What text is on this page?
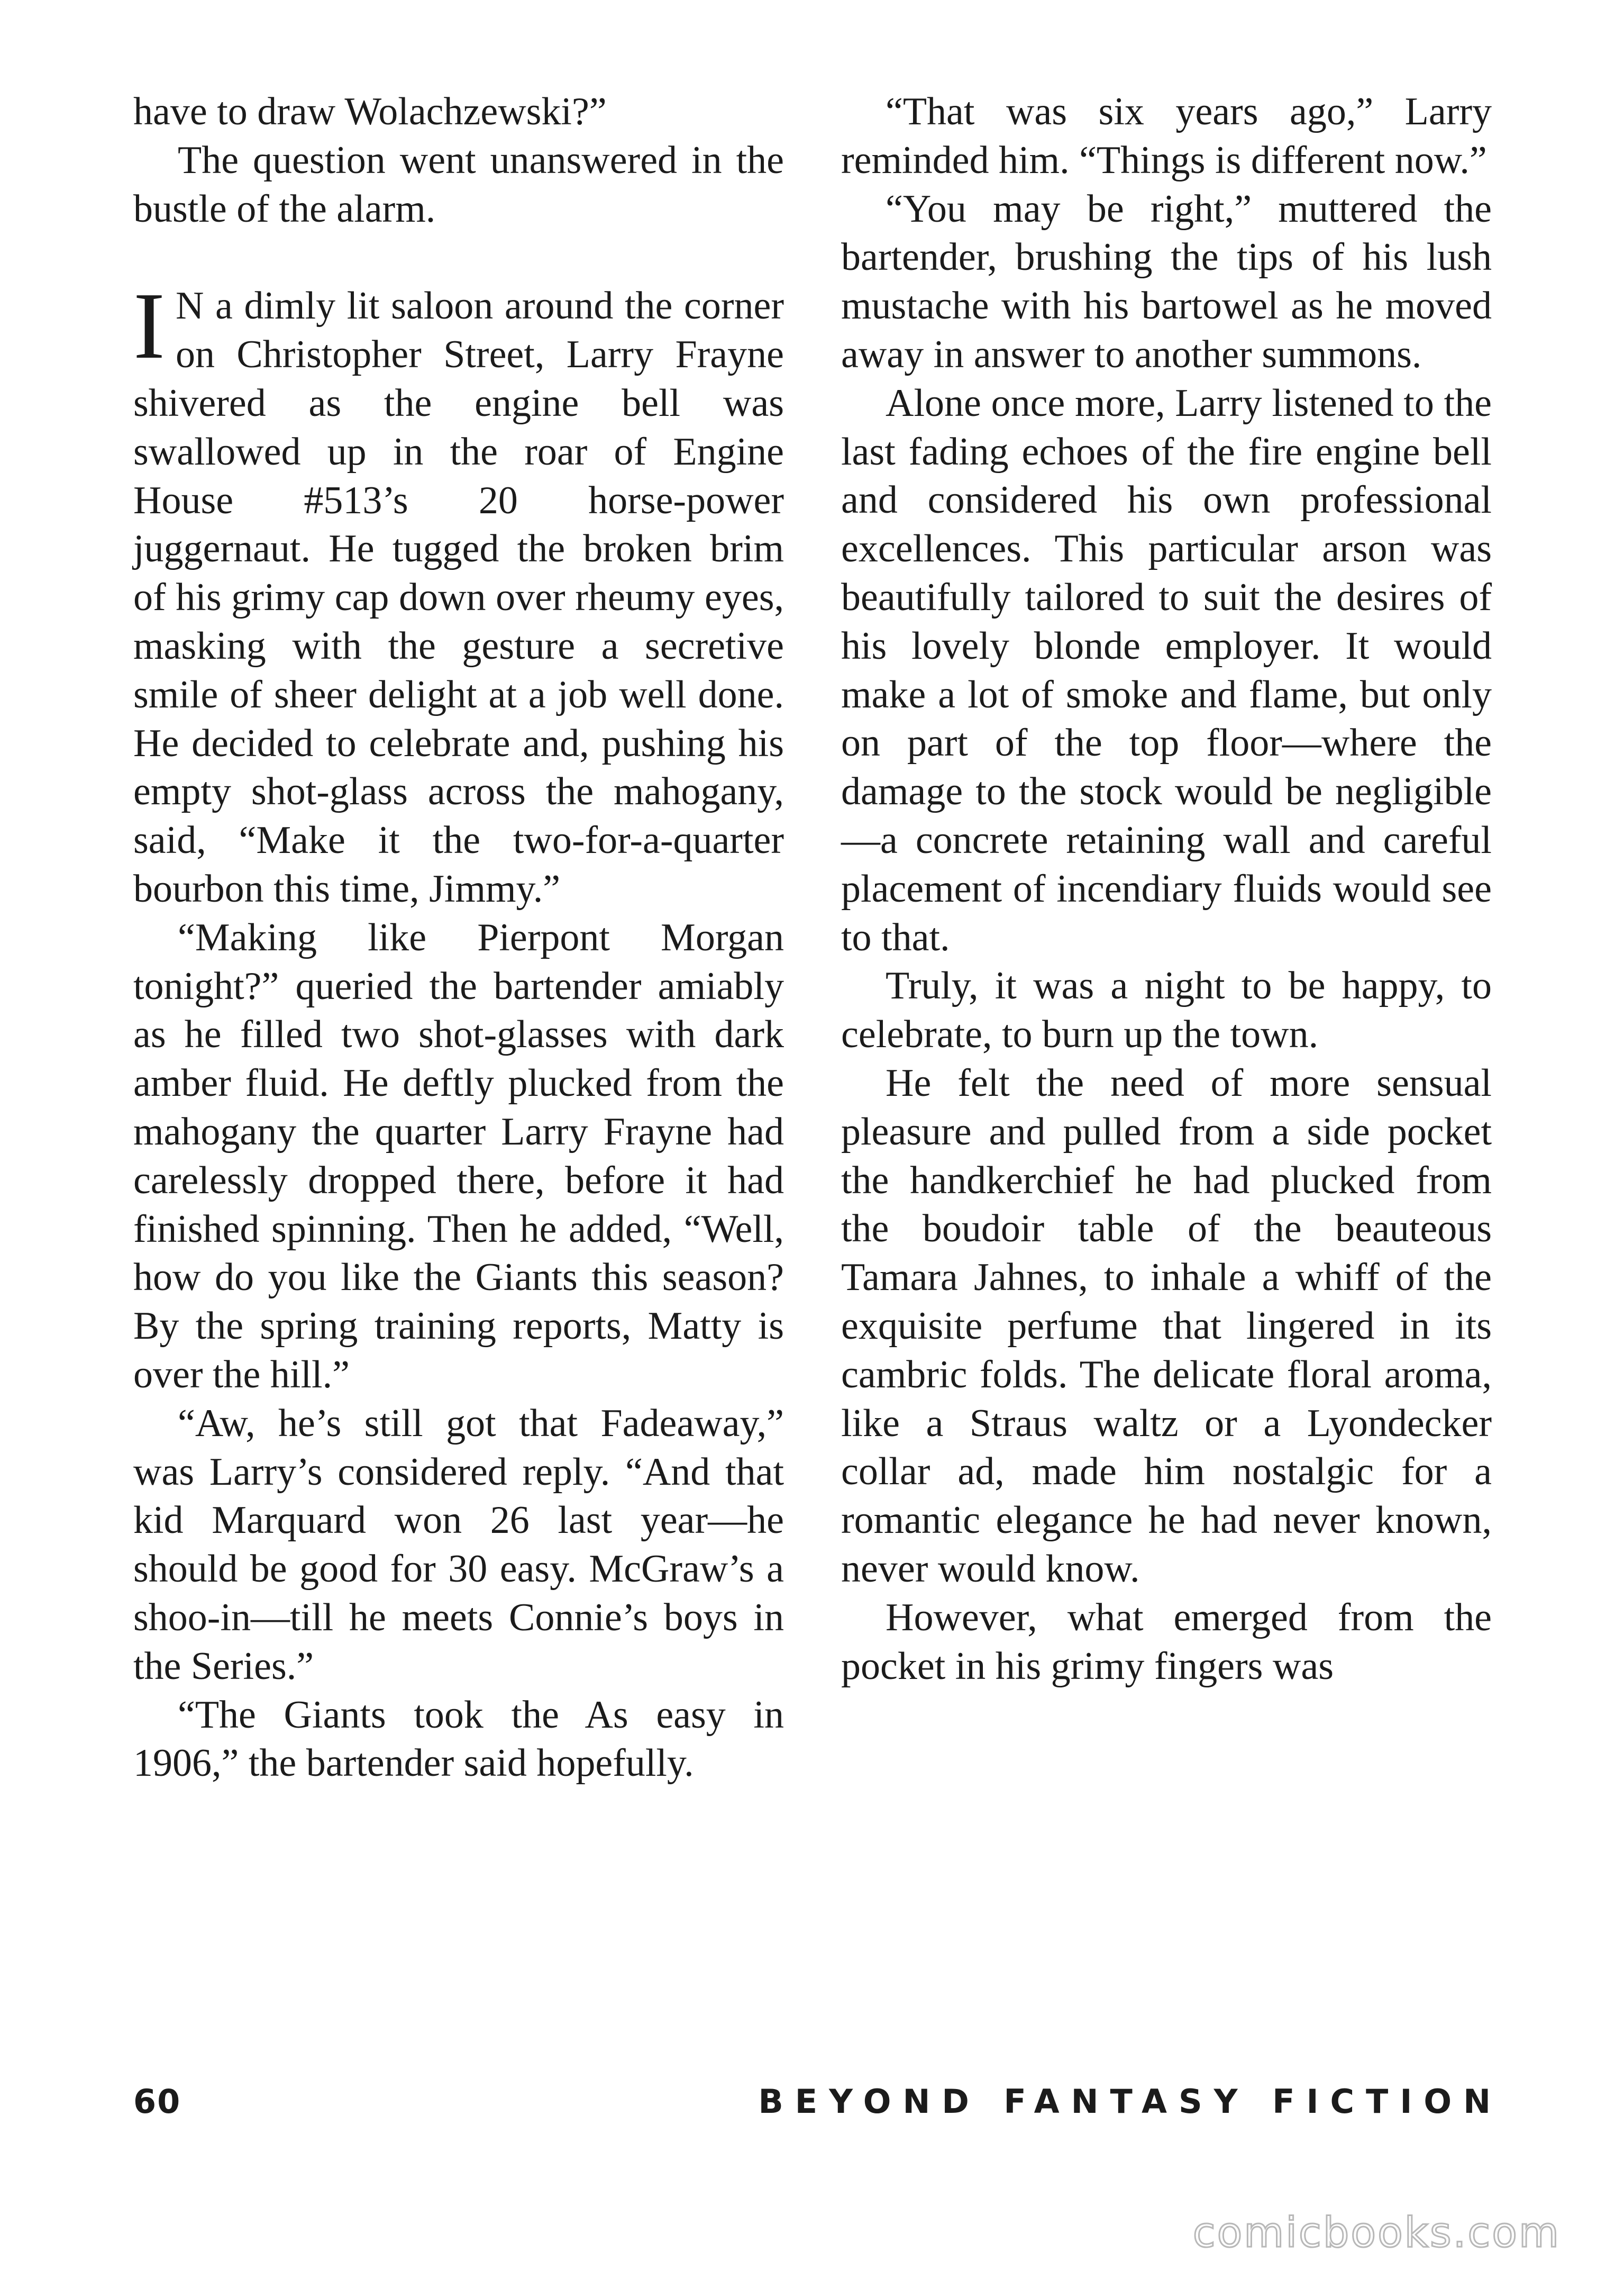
have to draw Wolachzewski?”

The question went unanswered in the bustle of the alarm.

I N a dimly lit saloon around the corner on Christopher Street, Larry Frayne shivered as the engine bell was swallowed up in the roar of Engine House #513’s 20 horse-power juggernaut. He tugged the broken brim of his grimy cap down over rheumy eyes, masking with the gesture a secretive smile of sheer delight at a job well done. He decided to celebrate and, pushing his empty shot-glass across the mahogany, said, “Make it the two-for-a-quarter bourbon this time, Jimmy.”

“Making like Pierpont Morgan tonight?” queried the bartender amiably as he filled two shot-glasses with dark amber fluid. He deftly plucked from the mahogany the quarter Larry Frayne had carelessly dropped there, before it had finished spinning. Then he added, “Well, how do you like the Giants this season? By the spring training reports, Matty is over the hill.”

“Aw, he’s still got that Fadeaway,” was Larry’s considered reply. “And that kid Marquard won 26 last year—he should be good for 30 easy. McGraw’s a shoo-in—till he meets Connie’s boys in the Series.”

“The Giants took the As easy in 1906,” the bartender said hopefully.

“That was six years ago,” Larry reminded him. “Things is different now.”

“You may be right,” muttered the bartender, brushing the tips of his lush mustache with his bartowel as he moved away in answer to another summons.

Alone once more, Larry listened to the last fading echoes of the fire engine bell and considered his own professional excellences. This particular arson was beautifully tailored to suit the desires of his lovely blonde employer. It would make a lot of smoke and flame, but only on part of the top floor—where the damage to the stock would be negligible—a concrete retaining wall and careful placement of incendiary fluids would see to that.

Truly, it was a night to be happy, to celebrate, to burn up the town.

He felt the need of more sensual pleasure and pulled from a side pocket the handkerchief he had plucked from the boudoir table of the beauteous Tamara Jahnes, to inhale a whiff of the exquisite perfume that lingered in its cambric folds. The delicate floral aroma, like a Straus waltz or a Lyondecker collar ad, made him nostalgic for a romantic elegance he had never known, never would know.

However, what emerged from the pocket in his grimy fingers was

60	BEYOND FANTASY FICTION
comicbooks.com
